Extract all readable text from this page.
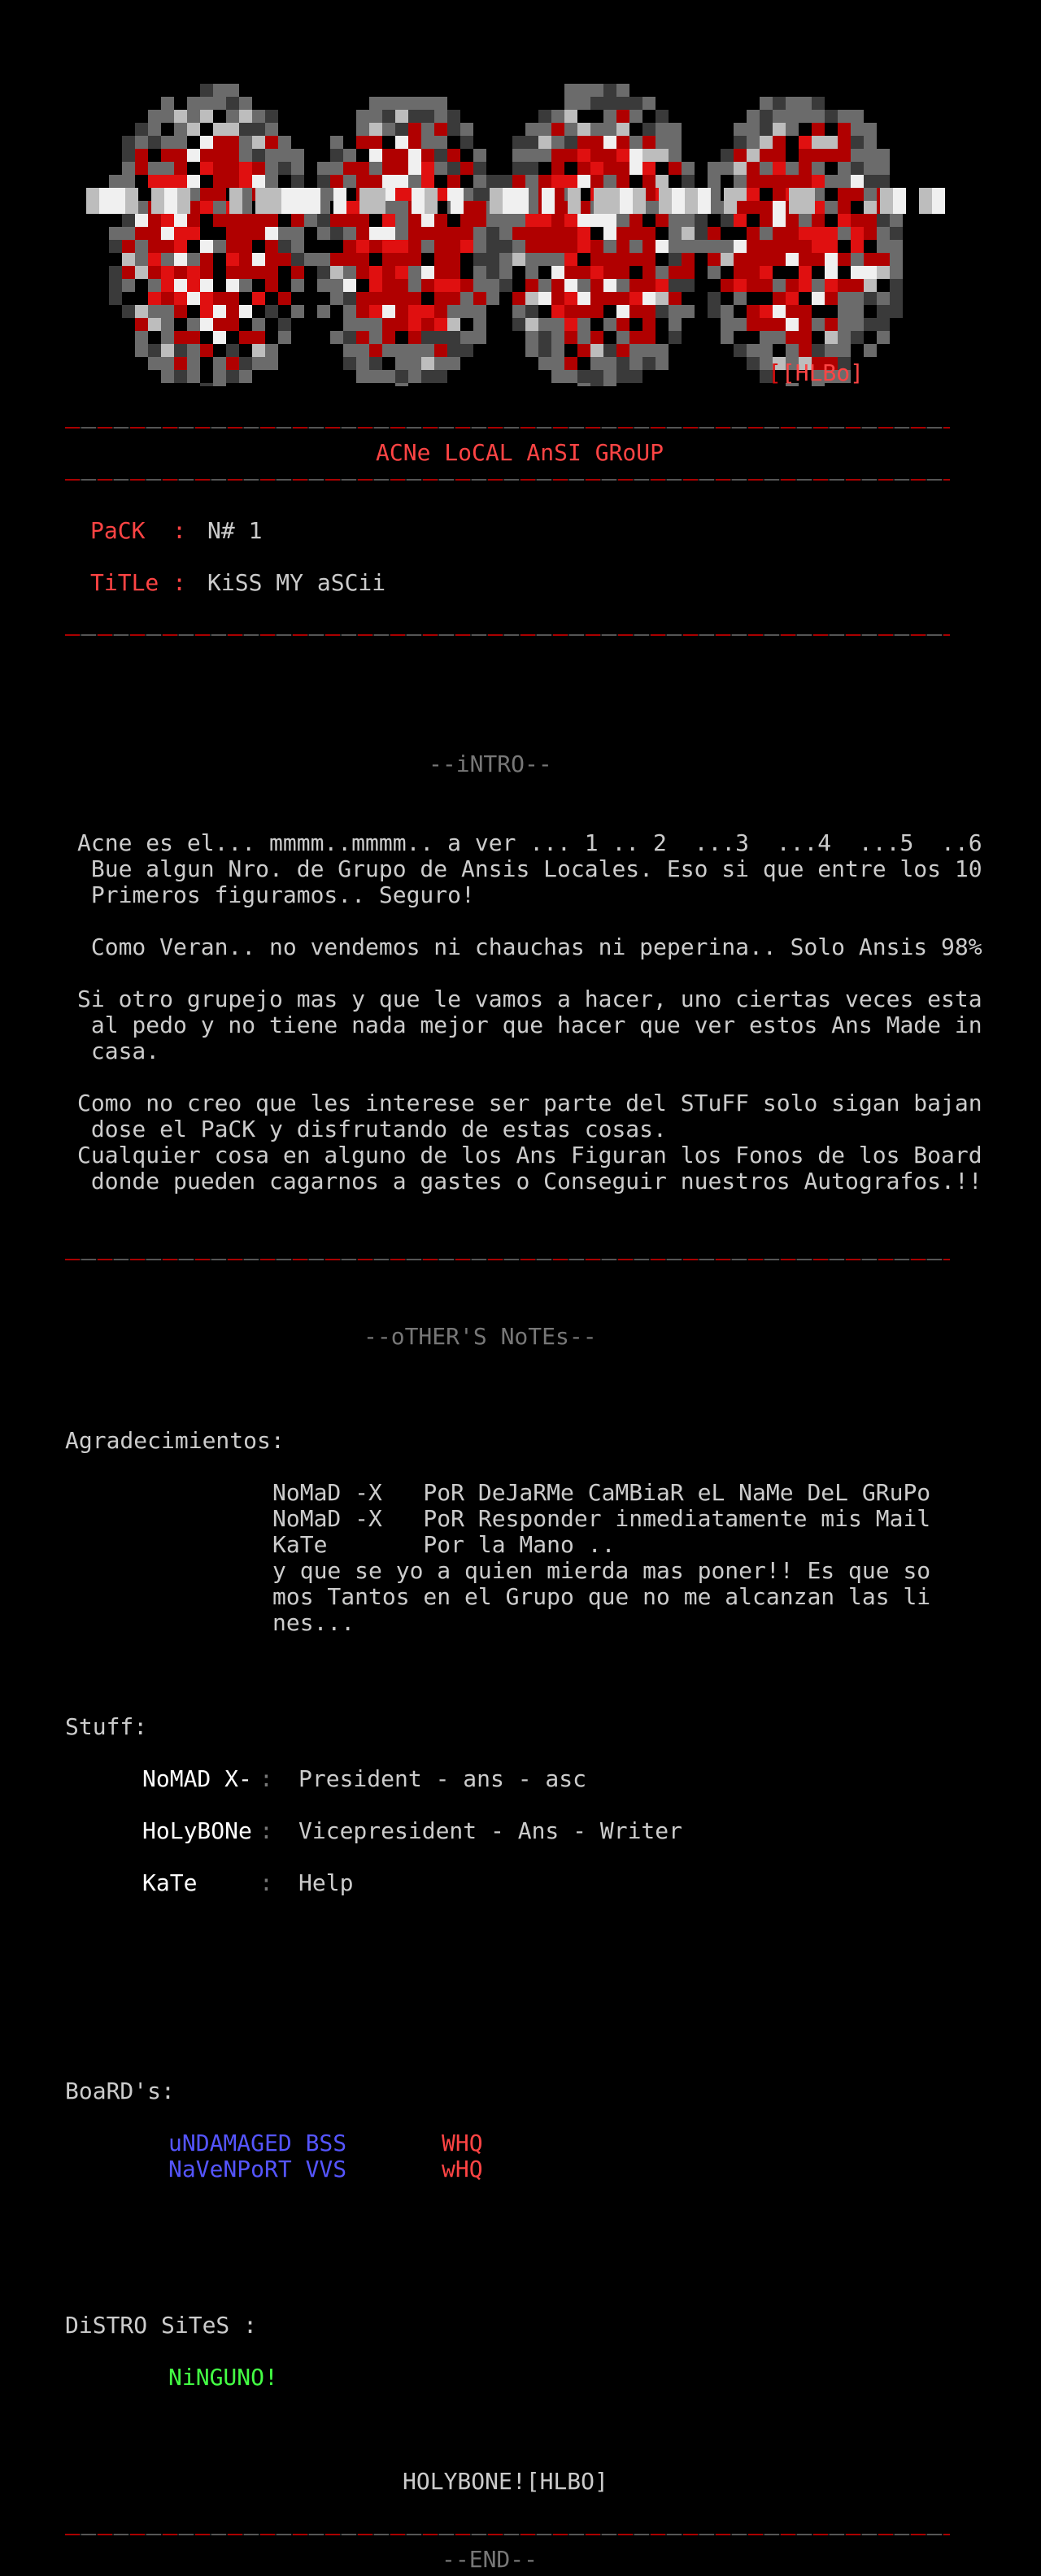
[[HLBo]
ACNe LoCAL AnSI GRoUP
PaCK  : N# 1
TiTLe : KiSS MY aSCii
--iNTRO--
Acne es el... mmmm..mmmm.. a ver ... 1 .. 2  ...3  ...4  ...5  ..6
Bue algun Nro. de Grupo de Ansis Locales. Eso si que entre los 10
Primeros figuramos.. Seguro!
Como Veran.. no vendemos ni chauchas ni peperina.. Solo Ansis 98%
Si otro grupejo mas y que le vamos a hacer, uno ciertas veces esta
al pedo y no tiene nada mejor que hacer que ver estos Ans Made in
casa.
Como no creo que les interese ser parte del STuFF solo sigan bajan
dose el PaCK y disfrutando de estas cosas.
Cualquier cosa en alguno de los Ans Figuran los Fonos de los Board
donde pueden cagarnos a gastes o Conseguir nuestros Autografos.!!
--oTHER'S NoTEs--
Agradecimientos:
NoMaD -X   PoR DeJaRMe CaMBiaR eL NaMe DeL GRuPo
NoMaD -X   PoR Responder inmediatamente mis Mail
KaTe       Por la Mano ..
y que se yo a quien mierda mas poner!! Es que so
mos Tantos en el Grupo que no me alcanzan las li
nes...
Stuff:
NoMAD X- : President - ans - asc
HoLyBONe : Vicepresident - Ans - Writer
KaTe : Help
BoaRD's:
uNDAMAGED BSS	WHQ
NaVeNPoRT VVS	wHQ
DiSTRO SiTeS :
NiNGUNO!
HOLYBONE![HLBO]
--END--
